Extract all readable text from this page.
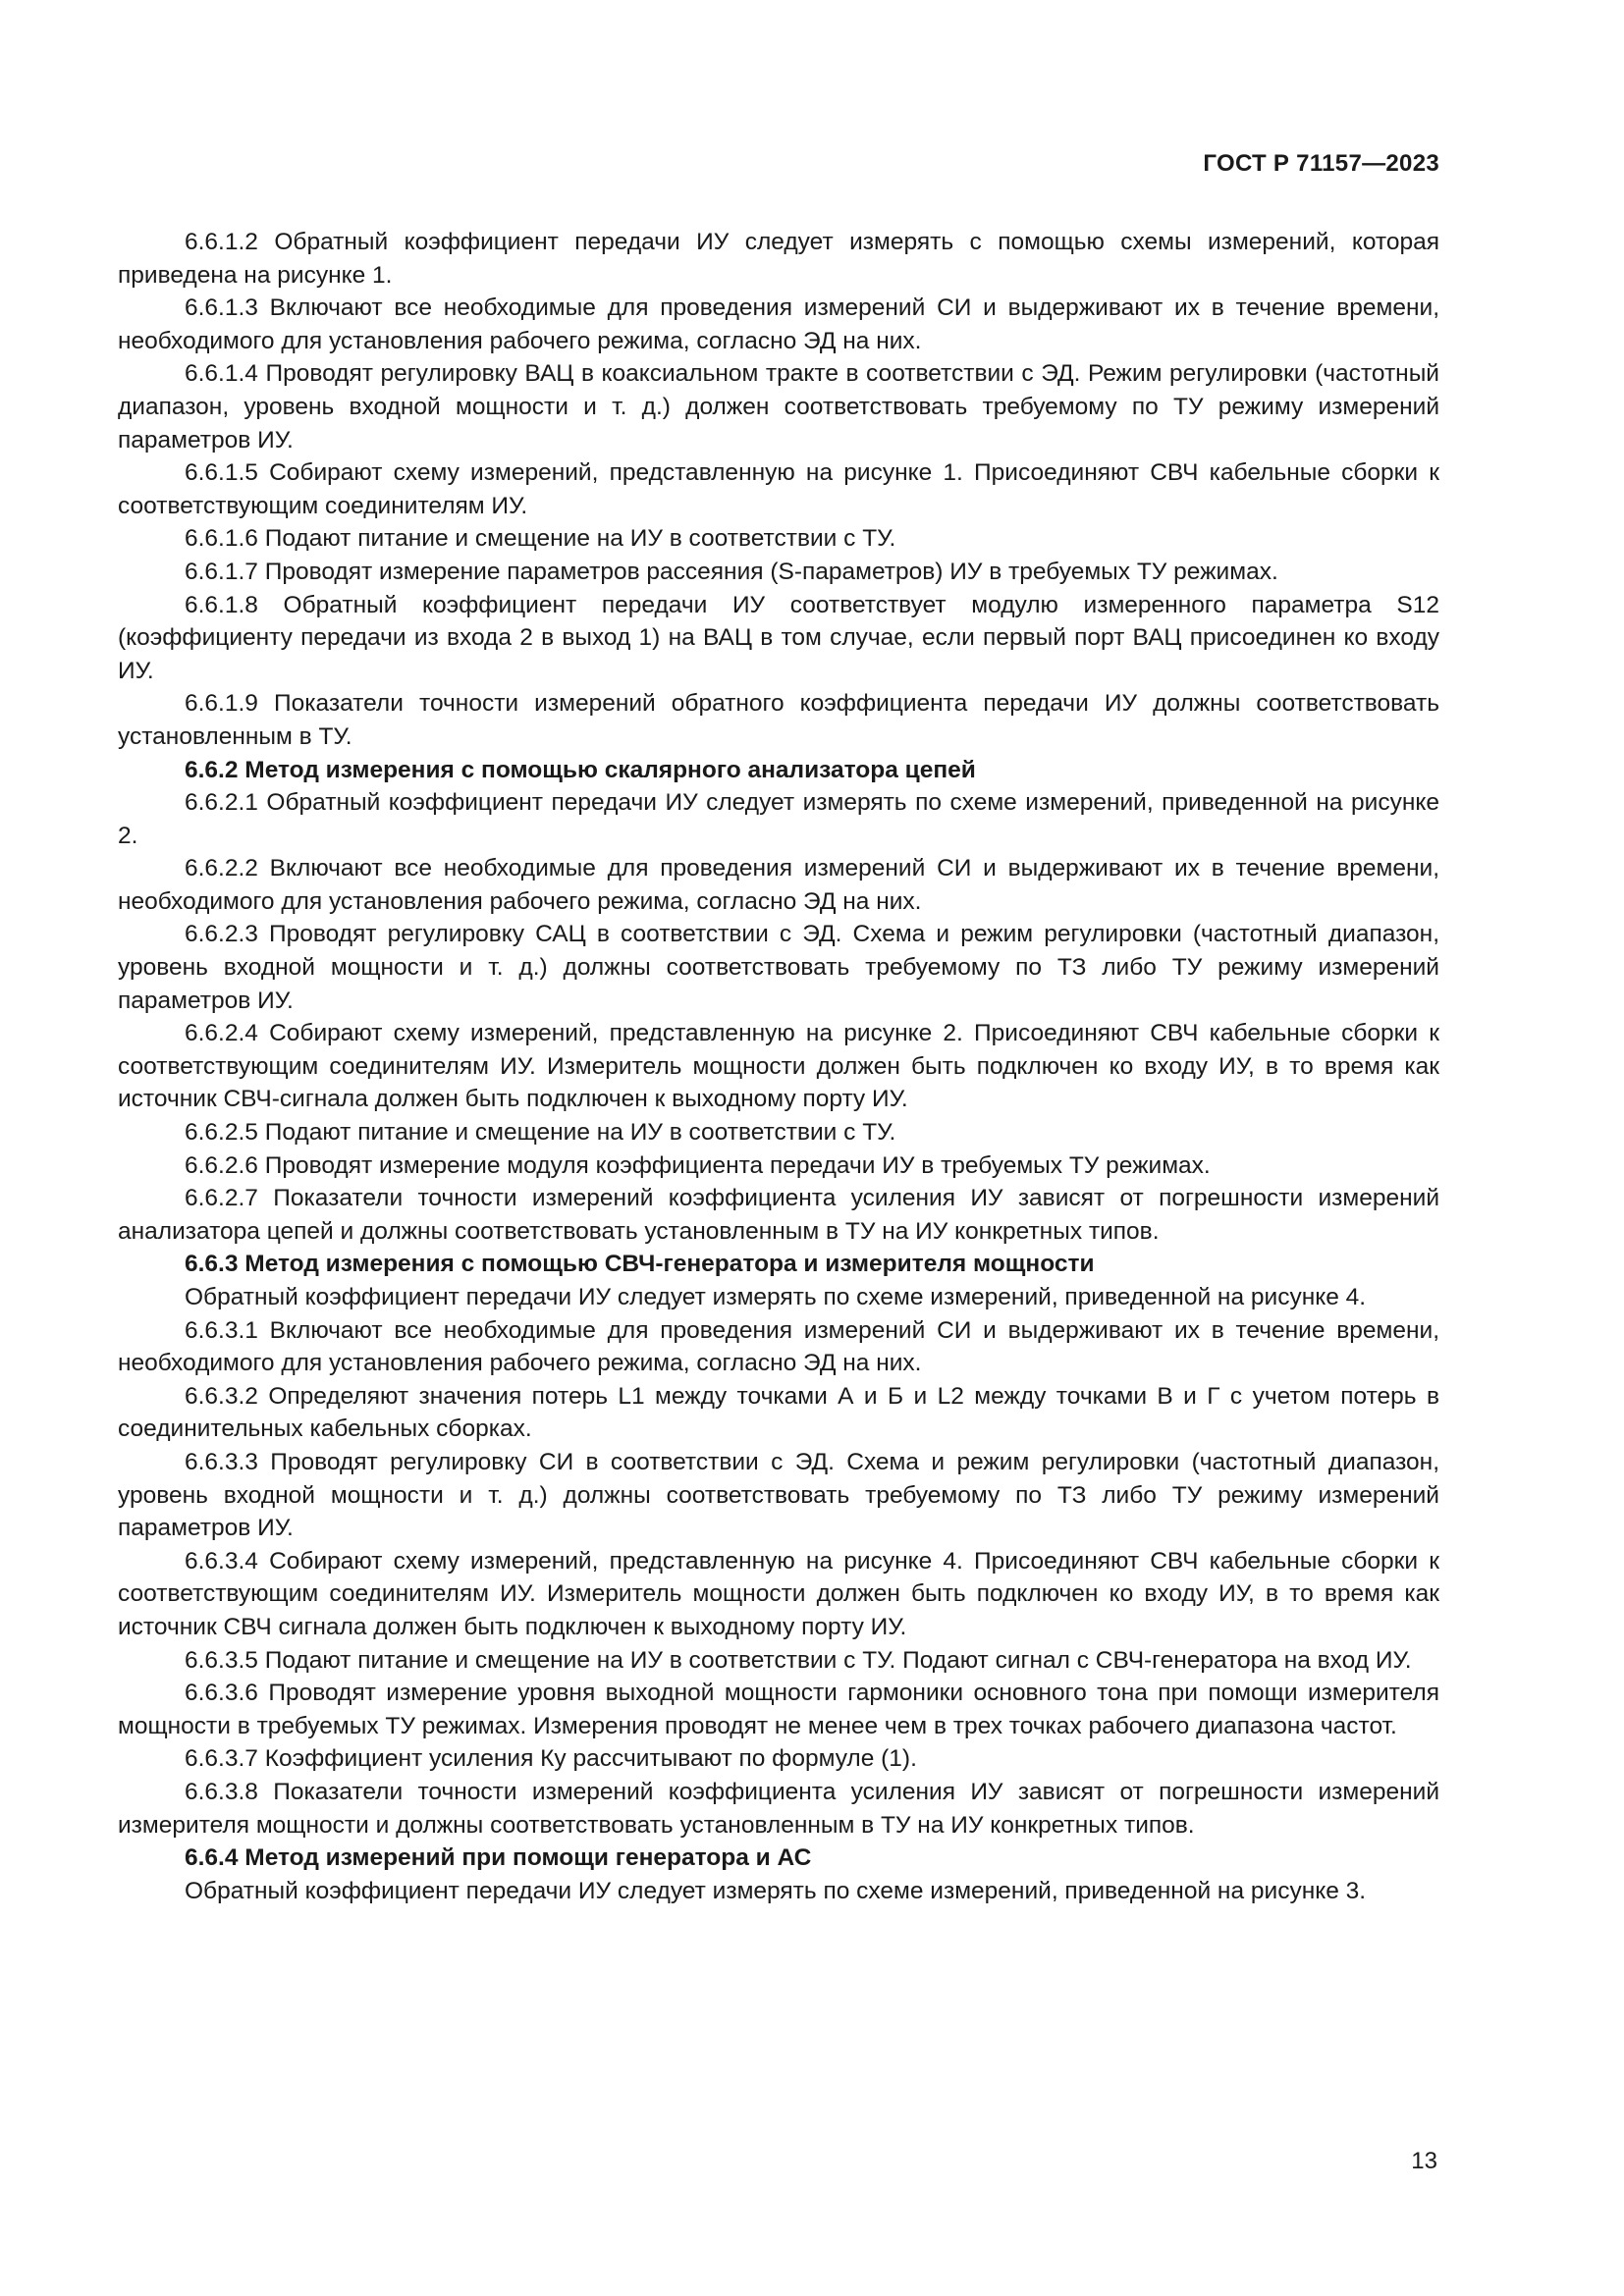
ГОСТ Р 71157—2023

6.6.1.2 Обратный коэффициент передачи ИУ следует измерять с помощью схемы измерений, которая приведена на рисунке 1.

6.6.1.3 Включают все необходимые для проведения измерений СИ и выдерживают их в течение времени, необходимого для установления рабочего режима, согласно ЭД на них.

6.6.1.4 Проводят регулировку ВАЦ в коаксиальном тракте в соответствии с ЭД. Режим регулировки (частотный диапазон, уровень входной мощности и т. д.) должен соответствовать требуемому по ТУ режиму измерений параметров ИУ.

6.6.1.5 Собирают схему измерений, представленную на рисунке 1. Присоединяют СВЧ кабельные сборки к соответствующим соединителям ИУ.

6.6.1.6 Подают питание и смещение на ИУ в соответствии с ТУ.

6.6.1.7 Проводят измерение параметров рассеяния (S-параметров) ИУ в требуемых ТУ режимах.

6.6.1.8 Обратный коэффициент передачи ИУ соответствует модулю измеренного параметра S12 (коэффициенту передачи из входа 2 в выход 1) на ВАЦ в том случае, если первый порт ВАЦ присоединен ко входу ИУ.

6.6.1.9 Показатели точности измерений обратного коэффициента передачи ИУ должны соответствовать установленным в ТУ.

6.6.2 Метод измерения с помощью скалярного анализатора цепей

6.6.2.1 Обратный коэффициент передачи ИУ следует измерять по схеме измерений, приведенной на рисунке 2.

6.6.2.2 Включают все необходимые для проведения измерений СИ и выдерживают их в течение времени, необходимого для установления рабочего режима, согласно ЭД на них.

6.6.2.3 Проводят регулировку САЦ в соответствии с ЭД. Схема и режим регулировки (частотный диапазон, уровень входной мощности и т. д.) должны соответствовать требуемому по ТЗ либо ТУ режиму измерений параметров ИУ.

6.6.2.4 Собирают схему измерений, представленную на рисунке 2. Присоединяют СВЧ кабельные сборки к соответствующим соединителям ИУ. Измеритель мощности должен быть подключен ко входу ИУ, в то время как источник СВЧ-сигнала должен быть подключен к выходному порту ИУ.

6.6.2.5 Подают питание и смещение на ИУ в соответствии с ТУ.

6.6.2.6 Проводят измерение модуля коэффициента передачи ИУ в требуемых ТУ режимах.

6.6.2.7 Показатели точности измерений коэффициента усиления ИУ зависят от погрешности измерений анализатора цепей и должны соответствовать установленным в ТУ на ИУ конкретных типов.

6.6.3 Метод измерения с помощью СВЧ-генератора и измерителя мощности

Обратный коэффициент передачи ИУ следует измерять по схеме измерений, приведенной на рисунке 4.

6.6.3.1 Включают все необходимые для проведения измерений СИ и выдерживают их в течение времени, необходимого для установления рабочего режима, согласно ЭД на них.

6.6.3.2 Определяют значения потерь L1 между точками А и Б и L2 между точками В и Г с учетом потерь в соединительных кабельных сборках.

6.6.3.3 Проводят регулировку СИ в соответствии с ЭД. Схема и режим регулировки (частотный диапазон, уровень входной мощности и т. д.) должны соответствовать требуемому по ТЗ либо ТУ режиму измерений параметров ИУ.

6.6.3.4 Собирают схему измерений, представленную на рисунке 4. Присоединяют СВЧ кабельные сборки к соответствующим соединителям ИУ. Измеритель мощности должен быть подключен ко входу ИУ, в то время как источник СВЧ сигнала должен быть подключен к выходному порту ИУ.

6.6.3.5 Подают питание и смещение на ИУ в соответствии с ТУ. Подают сигнал с СВЧ-генератора на вход ИУ.

6.6.3.6 Проводят измерение уровня выходной мощности гармоники основного тона при помощи измерителя мощности в требуемых ТУ режимах. Измерения проводят не менее чем в трех точках рабочего диапазона частот.

6.6.3.7 Коэффициент усиления Ку рассчитывают по формуле (1).

6.6.3.8 Показатели точности измерений коэффициента усиления ИУ зависят от погрешности измерений измерителя мощности и должны соответствовать установленным в ТУ на ИУ конкретных типов.

6.6.4 Метод измерений при помощи генератора и АС

Обратный коэффициент передачи ИУ следует измерять по схеме измерений, приведенной на рисунке 3.

13
